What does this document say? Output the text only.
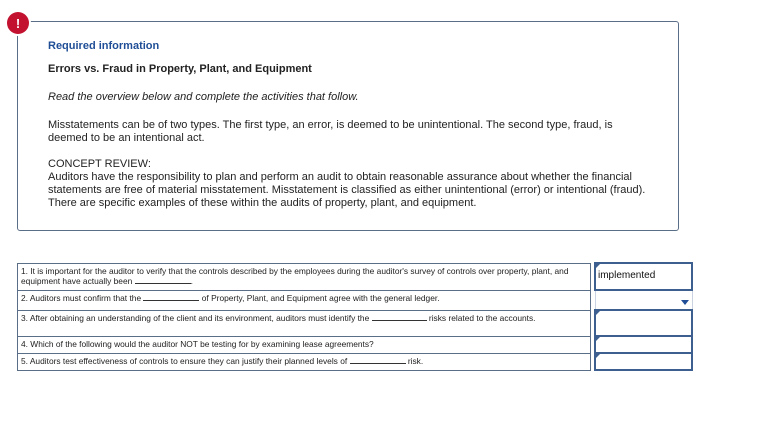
!

Required information

Errors vs. Fraud in Property, Plant, and Equipment

Read the overview below and complete the activities that follow.

Misstatements can be of two types. The first type, an error, is deemed to be unintentional. The second type, fraud, is deemed to be an intentional act.

CONCEPT REVIEW:
Auditors have the responsibility to plan and perform an audit to obtain reasonable assurance about whether the financial statements are free of material misstatement. Misstatement is classified as either unintentional (error) or intentional (fraud). There are specific examples of these within the audits of property, plant, and equipment.

1. It is important for the auditor to verify that the controls described by the employees during the auditor's survey of controls over property, plant, and equipment have actually been .		implemented

2. Auditors must confirm that the of Property, Plant, and Equipment agree with the general ledger.		

3. After obtaining an understanding of the client and its environment, auditors must identify the risks related to the accounts.		

4. Which of the following would the auditor NOT be testing for by examining lease agreements?		

5. Auditors test effectiveness of controls to ensure they can justify their planned levels of risk.		
